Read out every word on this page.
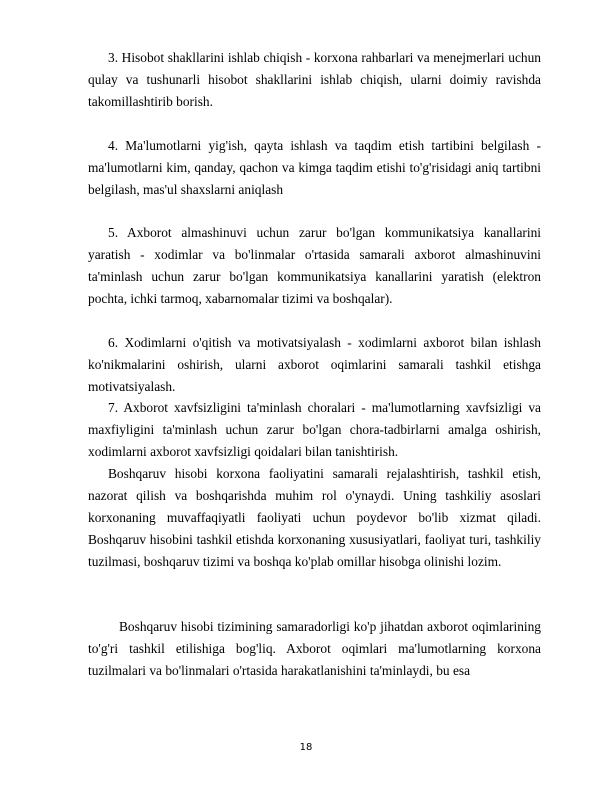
3. Hisobot shakllarini ishlab chiqish - korxona rahbarlari va menejmerlari uchun qulay va tushunarli hisobot shakllarini ishlab chiqish, ularni doimiy ravishda takomillashtirib borish.

4. Ma'lumotlarni yig'ish, qayta ishlash va taqdim etish tartibini belgilash - ma'lumotlarni kim, qanday, qachon va kimga taqdim etishi to'g'risidagi aniq tartibni belgilash, mas'ul shaxslarni aniqlash

5. Axborot almashinuvi uchun zarur bo'lgan kommunikatsiya kanallarini yaratish - xodimlar va bo'linmalar o'rtasida samarali axborot almashinuvini ta'minlash uchun zarur bo'lgan kommunikatsiya kanallarini yaratish (elektron pochta, ichki tarmoq, xabarnomalar tizimi va boshqalar).

6. Xodimlarni o'qitish va motivatsiyalash - xodimlarni axborot bilan ishlash ko'nikmalarini oshirish, ularni axborot oqimlarini samarali tashkil etishga motivatsiyalash.

7. Axborot xavfsizligini ta'minlash choralari - ma'lumotlarning xavfsizligi va maxfiyligini ta'minlash uchun zarur bo'lgan chora-tadbirlarni amalga oshirish, xodimlarni axborot xavfsizligi qoidalari bilan tanishtirish.

Boshqaruv hisobi korxona faoliyatini samarali rejalashtirish, tashkil etish, nazorat qilish va boshqarishda muhim rol o'ynaydi. Uning tashkiliy asoslari korxonaning muvaffaqiyatli faoliyati uchun poydevor bo'lib xizmat qiladi. Boshqaruv hisobini tashkil etishda korxonaning xususiyatlari, faoliyat turi, tashkiliy tuzilmasi, boshqaruv tizimi va boshqa ko'plab omillar hisobga olinishi lozim.

Boshqaruv hisobi tizimining samaradorligi ko'p jihatdan axborot oqimlarining to'g'ri tashkil etilishiga bog'liq. Axborot oqimlari ma'lumotlarning korxona tuzilmalari va bo'linmalari o'rtasida harakatlanishini ta'minlaydi, bu esa

18
